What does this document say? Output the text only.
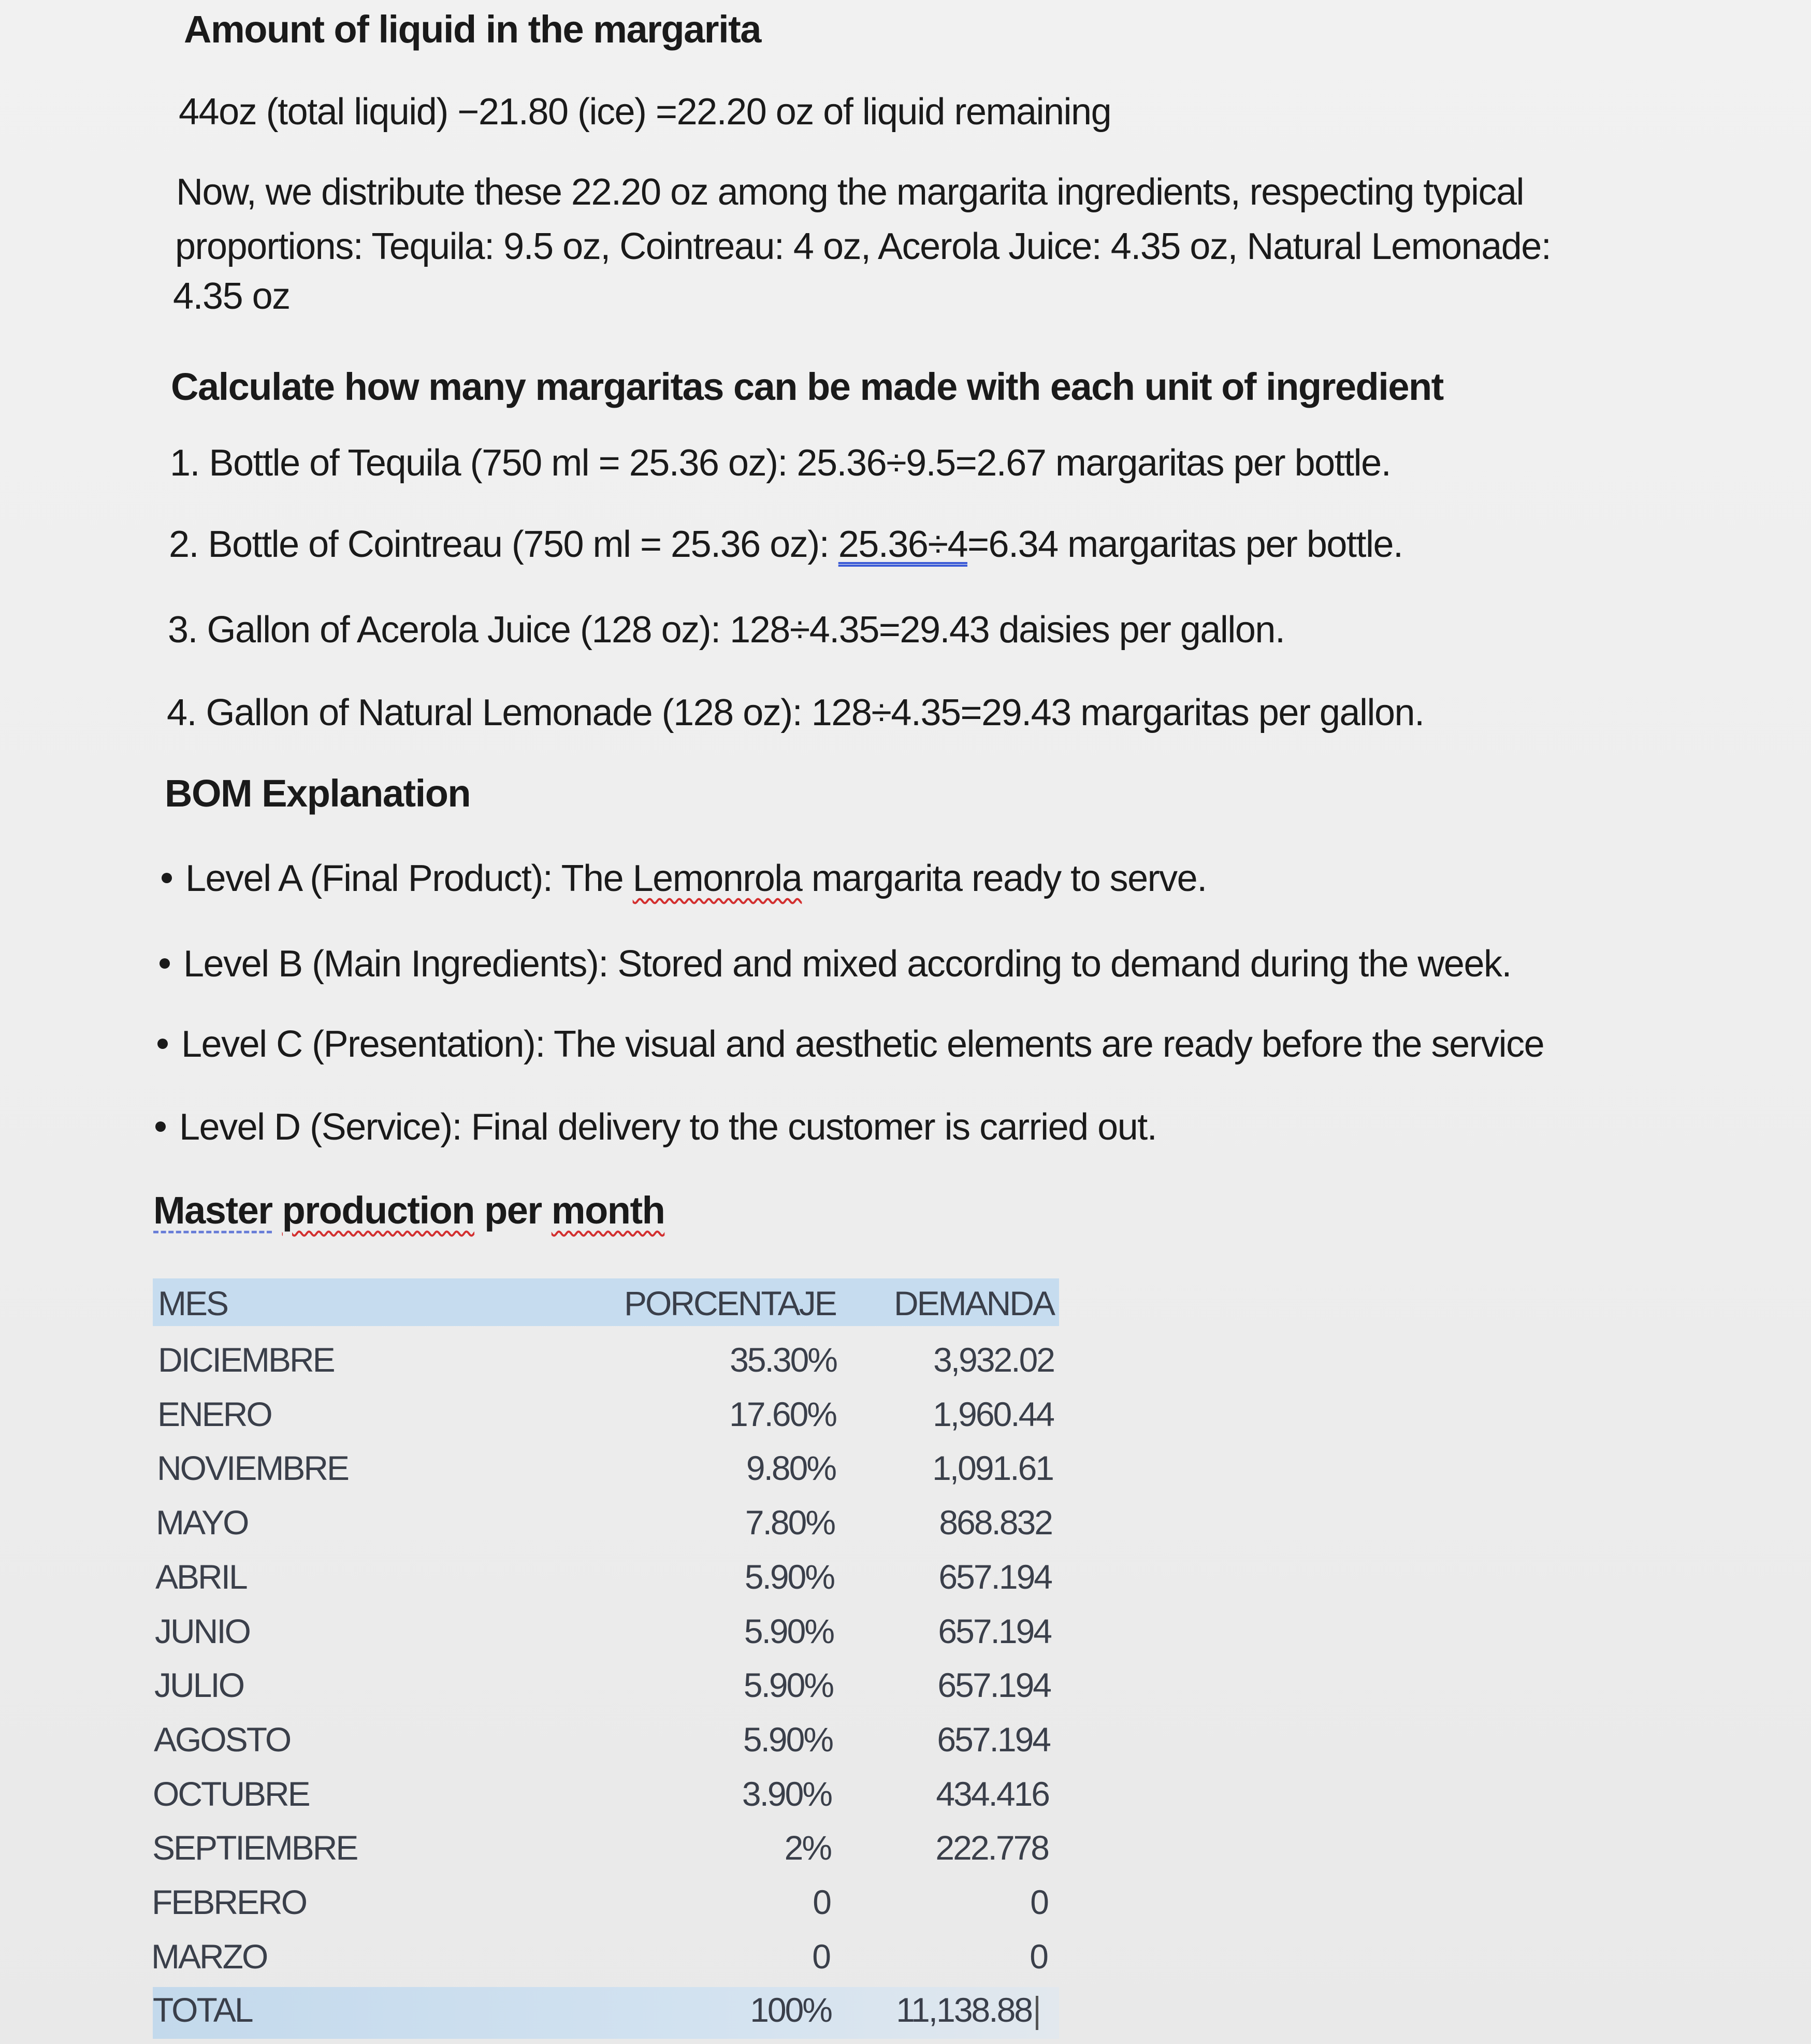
Amount of liquid in the margarita
44oz (total liquid) −21.80 (ice) =22.20 oz of liquid remaining
Now, we distribute these 22.20 oz among the margarita ingredients, respecting typical
proportions: Tequila: 9.5 oz, Cointreau: 4 oz, Acerola Juice: 4.35 oz, Natural Lemonade:
4.35 oz
Calculate how many margaritas can be made with each unit of ingredient
1. Bottle of Tequila (750 ml = 25.36 oz): 25.36÷9.5=2.67 margaritas per bottle.
2. Bottle of Cointreau (750 ml = 25.36 oz): 25.36÷4=6.34 margaritas per bottle.
3. Gallon of Acerola Juice (128 oz): 128÷4.35=29.43 daisies per gallon.
4. Gallon of Natural Lemonade (128 oz): 128÷4.35=29.43 margaritas per gallon.
BOM Explanation
Level A (Final Product): The Lemonrola margarita ready to serve.
Level B (Main Ingredients): Stored and mixed according to demand during the week.
Level C (Presentation): The visual and aesthetic elements are ready before the service
Level D (Service): Final delivery to the customer is carried out.
Master production per month
MES	PORCENTAJE DEMANDA
DICIEMBRE	35.30%	3,932.02
ENERO	17.60%	1,960.44
NOVIEMBRE	9.80%	1,091.61
MAYO	7.80%	868.832
ABRIL	5.90%	657.194
JUNIO	5.90%	657.194
JULIO	5.90%	657.194
AGOSTO	5.90%	657.194
OCTUBRE	3.90%	434.416
SEPTIEMBRE	2%	222.778
FEBRERO	0	0
MARZO	0	0
TOTAL	100% 11,138.88
